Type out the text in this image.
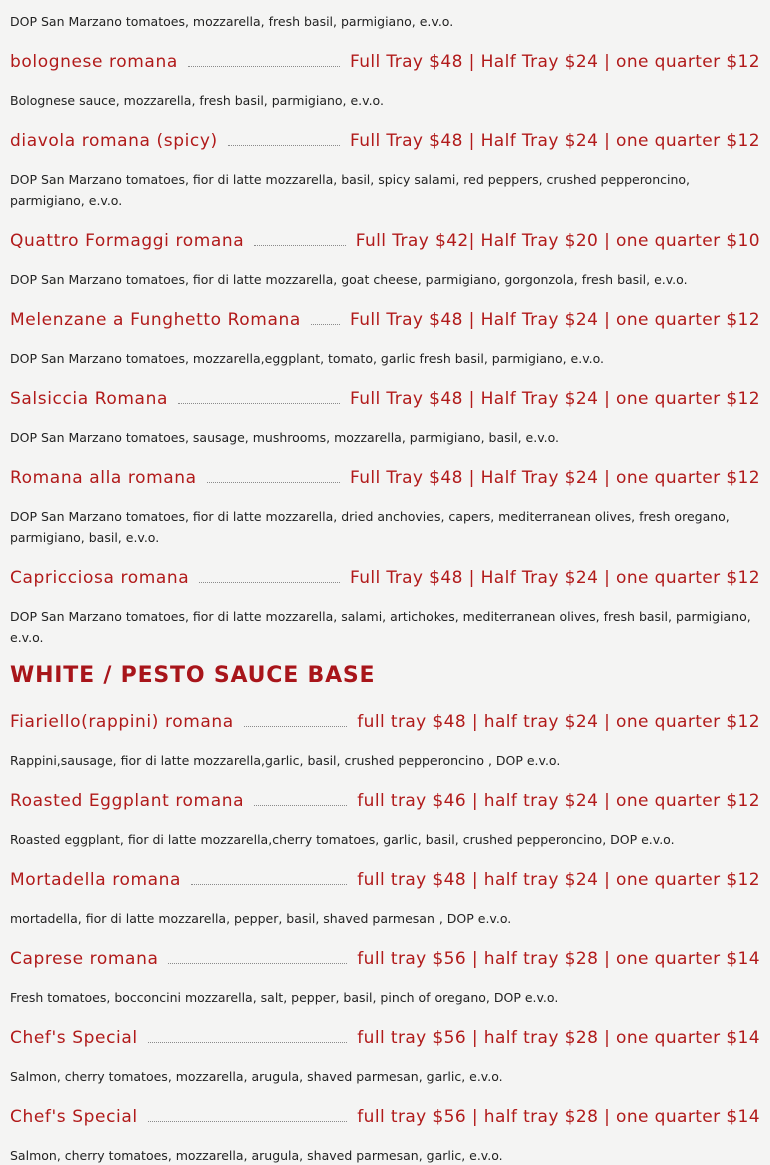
DOP San Marzano tomatoes, mozzarella, fresh basil, parmigiano, e.v.o.
bolognese romana	Full Tray $48 | Half Tray $24 | one quarter $12
Bolognese sauce, mozzarella, fresh basil, parmigiano, e.v.o.
diavola romana (spicy)	Full Tray $48 | Half Tray $24 | one quarter $12
DOP San Marzano tomatoes, fior di latte mozzarella, basil, spicy salami, red peppers, crushed pepperoncino, parmigiano, e.v.o.
Quattro Formaggi romana	Full Tray $42| Half Tray $20 | one quarter $10
DOP San Marzano tomatoes, fior di latte mozzarella, goat cheese, parmigiano, gorgonzola, fresh basil, e.v.o.
Melenzane a Funghetto Romana	Full Tray $48 | Half Tray $24 | one quarter $12
DOP San Marzano tomatoes, mozzarella,eggplant, tomato, garlic fresh basil, parmigiano, e.v.o.
Salsiccia Romana	Full Tray $48 | Half Tray $24 | one quarter $12
DOP San Marzano tomatoes, sausage, mushrooms, mozzarella, parmigiano, basil, e.v.o.
Romana alla romana	Full Tray $48 | Half Tray $24 | one quarter $12
DOP San Marzano tomatoes, fior di latte mozzarella, dried anchovies, capers, mediterranean olives, fresh oregano, parmigiano, basil, e.v.o.
Capricciosa romana	Full Tray $48 | Half Tray $24 | one quarter $12
DOP San Marzano tomatoes, fior di latte mozzarella, salami, artichokes, mediterranean olives, fresh basil, parmigiano, e.v.o.
WHITE / PESTO SAUCE BASE
Fiariello(rappini) romana	full tray $48 | half tray $24 | one quarter $12
Rappini,sausage, fior di latte mozzarella,garlic, basil, crushed pepperoncino , DOP e.v.o.
Roasted Eggplant romana	full tray $46 | half tray $24 | one quarter $12
Roasted eggplant, fior di latte mozzarella,cherry tomatoes, garlic, basil, crushed pepperoncino, DOP e.v.o.
Mortadella romana	full tray $48 | half tray $24 | one quarter $12
mortadella, fior di latte mozzarella, pepper, basil, shaved parmesan , DOP e.v.o.
Caprese romana	full tray $56 | half tray $28 | one quarter $14
Fresh tomatoes, bocconcini mozzarella, salt, pepper, basil, pinch of oregano, DOP e.v.o.
Chef's Special	full tray $56 | half tray $28 | one quarter $14
Salmon, cherry tomatoes, mozzarella, arugula, shaved parmesan, garlic, e.v.o.
Chef's Special	full tray $56 | half tray $28 | one quarter $14
Salmon, cherry tomatoes, mozzarella, arugula, shaved parmesan, garlic, e.v.o.
